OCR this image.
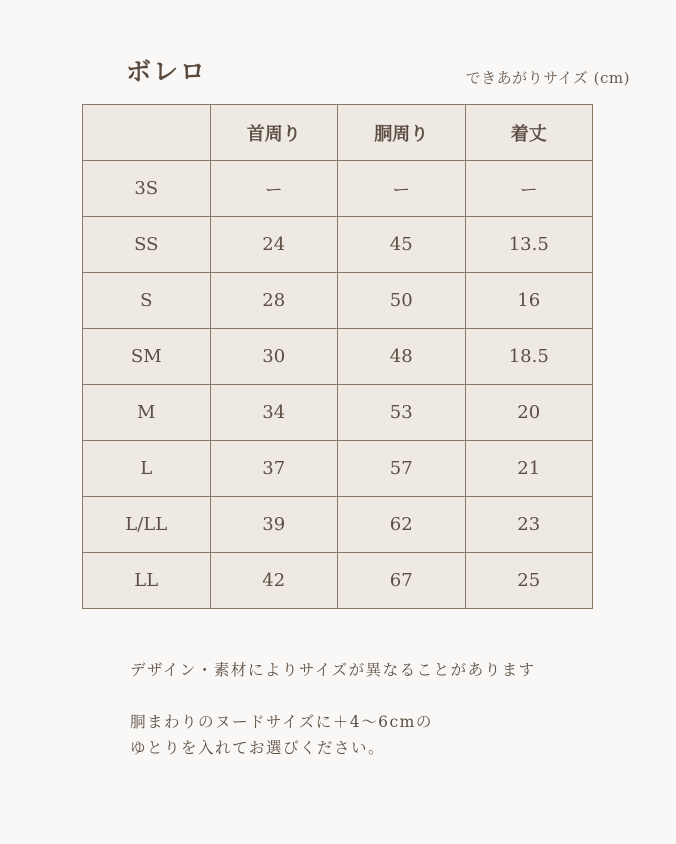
ボレロ	できあがりサイズ (cm)
	首周り	胴周り	着丈
3S	ー	ー	ー
SS	24	45	13.5
S	28	50	16
SM	30	48	18.5
M	34	53	20
L	37	57	21
L/LL	39	62	23
LL	42	67	25

デザイン・素材によりサイズが異なることがあります

胴まわりのヌードサイズに＋4〜6cmの

ゆとりを入れてお選びください。
